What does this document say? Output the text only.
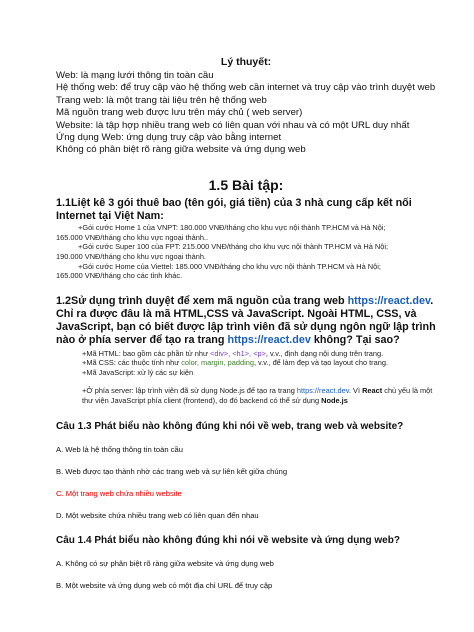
Lý thuyết:
Web: là mạng lưới thông tin toàn cầu
Hệ thống web: để truy cập vào hệ thống web cần internet và truy cập vào trình duyệt web
Trang web: là một trang tài liệu trên hệ thống web
Mã nguồn trang web được lưu trên máy chủ ( web server)
Website: là tập hợp nhiều trang web có liên quan với nhau và có một URL duy nhất
Ứng dụng Web: ứng dụng truy cập vào bằng internet
Không có phân biệt rõ ràng giữa website và ứng dụng web
1.5 Bài tập:
1.1Liệt kê 3 gói thuê bao (tên gói, giá tiền) của 3 nhà cung cấp kết nối Internet tại Việt Nam:
+Gói cước Home 1 của VNPT: 180.000 VNĐ/tháng cho khu vực nội thành TP.HCM và Hà Nội;
165.000 VNĐ/tháng cho khu vực ngoại thành..
+Gói cước Super 100 của FPT: 215.000 VNĐ/tháng cho khu vực nội thành TP.HCM và Hà Nội;
190.000 VNĐ/tháng cho khu vực ngoại thành.
+Gói cước Home của Viettel: 185.000 VNĐ/tháng cho khu vực nội thành TP.HCM và Hà Nội;
165.000 VNĐ/tháng cho các tỉnh khác.
1.2Sử dụng trình duyệt để xem mã nguồn của trang web https://react.dev. Chỉ ra được đâu là mã HTML,CSS và JavaScript. Ngoài HTML, CSS, và JavaScript, bạn có biết được lập trình viên đã sử dụng ngôn ngữ lập trình nào ở phía server để tạo ra trang https://react.dev không? Tại sao?
+Mã HTML: bao gồm các phần tử như <div>, <h1>, <p>, v.v., định dạng nội dung trên trang.
+Mã CSS: các thuộc tính như color, margin, padding, v.v., để làm đẹp và tạo layout cho trang.
+Mã JavaScript: xử lý các sự kiện
+Ở phía server: lập trình viên đã sử dụng Node.js để tạo ra trang https://react.dev. Vì React chủ yếu là một thư viện JavaScript phía client (frontend), do đó backend có thể sử dụng Node.js
Câu 1.3 Phát biểu nào không đúng khi nói về web, trang web và website?
A. Web là hệ thống thông tin toàn cầu
B. Web được tạo thành nhờ các trang web và sự liên kết giữa chúng
C. Một trang web chứa nhiều website
D. Một website chứa nhiều trang web có liên quan đến nhau
Câu 1.4 Phát biểu nào không đúng khi nói về website và ứng dụng web?
A. Không có sự phân biệt rõ ràng giữa website và ứng dụng web
B. Một website và ứng dụng web có một địa chỉ URL để truy cập
